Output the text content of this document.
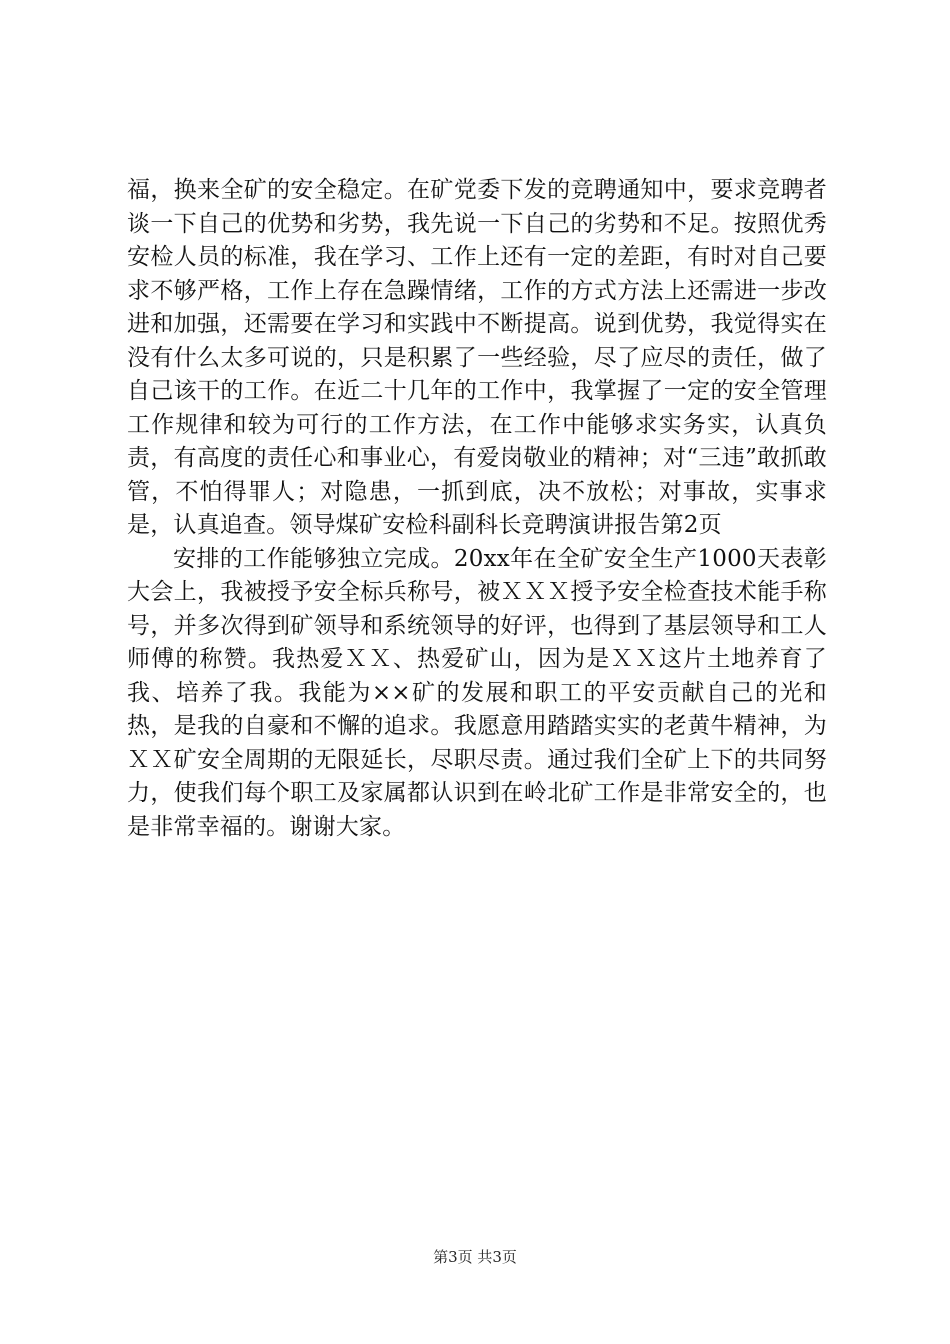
福，换来全矿的安全稳定。在矿党委下发的竞聘通知中，要求竞聘者谈一下自己的优势和劣势，我先说一下自己的劣势和不足。按照优秀安检人员的标准，我在学习、工作上还有一定的差距，有时对自己要求不够严格，工作上存在急躁情绪，工作的方式方法上还需进一步改进和加强，还需要在学习和实践中不断提高。说到优势，我觉得实在没有什么太多可说的，只是积累了一些经验，尽了应尽的责任，做了自己该干的工作。在近二十几年的工作中，我掌握了一定的安全管理工作规律和较为可行的工作方法，在工作中能够求实务实，认真负责，有高度的责任心和事业心，有爱岗敬业的精神；对“三违”敢抓敢管，不怕得罪人；对隐患，一抓到底，决不放松；对事故，实事求是，认真追查。领导煤矿安检科副科长竞聘演讲报告第2页

安排的工作能够独立完成。20xx年在全矿安全生产1000天表彰大会上，我被授予安全标兵称号，被ＸＸＸ授予安全检查技术能手称号，并多次得到矿领导和系统领导的好评，也得到了基层领导和工人师傅的称赞。我热爱ＸＸ、热爱矿山，因为是ＸＸ这片土地养育了我、培养了我。我能为××矿的发展和职工的平安贡献自己的光和热，是我的自豪和不懈的追求。我愿意用踏踏实实的老黄牛精神，为ＸＸ矿安全周期的无限延长，尽职尽责。通过我们全矿上下的共同努力，使我们每个职工及家属都认识到在岭北矿工作是非常安全的，也是非常幸福的。谢谢大家。

第3页 共3页
